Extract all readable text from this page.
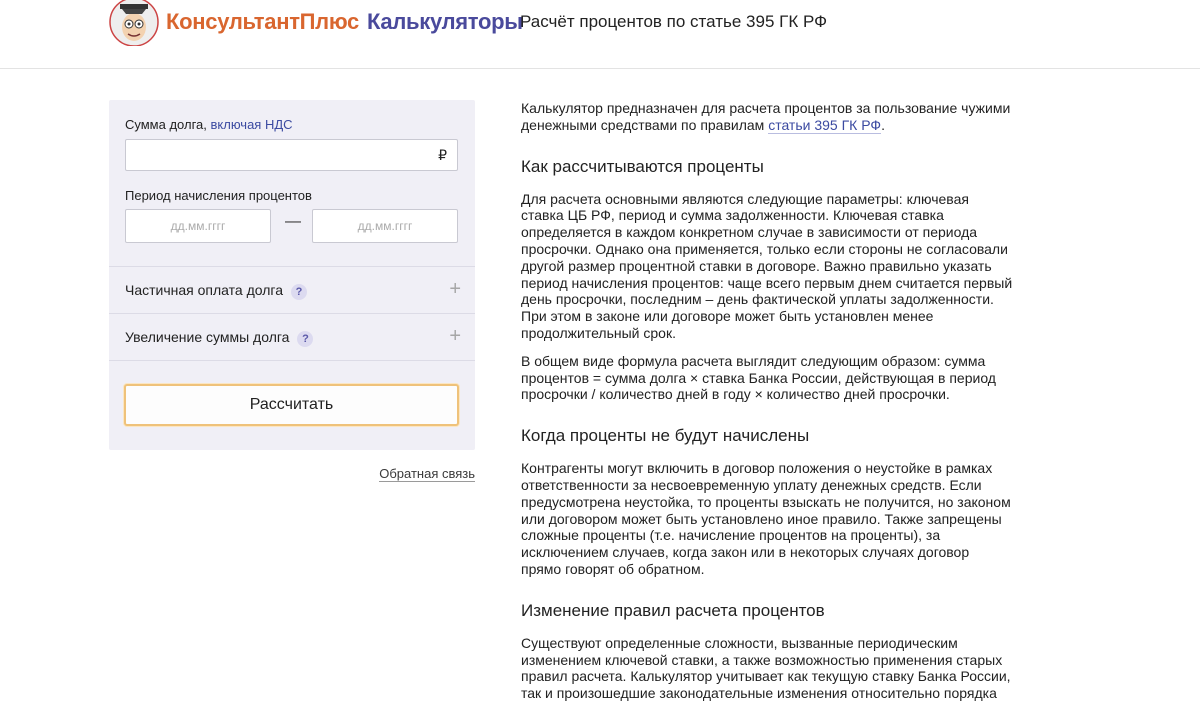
КонсультантПлюс Калькуляторы
Расчёт процентов по статье 395 ГК РФ
Сумма долга, включая НДС
₽
Период начисления процентов
дд.мм.гггг
—
дд.мм.гггг
Частичная оплата долга ?	+
Увеличение суммы долга ?	+
Рассчитать
Обратная связь

Калькулятор предназначен для расчета процентов за пользование чужими денежными средствами по правилам статьи 395 ГК РФ.

Как рассчитываются проценты

Для расчета основными являются следующие параметры: ключевая ставка ЦБ РФ, период и сумма задолженности. Ключевая ставка определяется в каждом конкретном случае в зависимости от периода просрочки. Однако она применяется, только если стороны не согласовали другой размер процентной ставки в договоре. Важно правильно указать период начисления процентов: чаще всего первым днем считается первый день просрочки, последним – день фактической уплаты задолженности. При этом в законе или договоре может быть установлен менее продолжительный срок.

В общем виде формула расчета выглядит следующим образом: сумма процентов = сумма долга × ставка Банка России, действующая в период просрочки / количество дней в году × количество дней просрочки.

Когда проценты не будут начислены

Контрагенты могут включить в договор положения о неустойке в рамках ответственности за несвоевременную уплату денежных средств. Если предусмотрена неустойка, то проценты взыскать не получится, но законом или договором может быть установлено иное правило. Также запрещены сложные проценты (т.е. начисление процентов на проценты), за исключением случаев, когда закон или в некоторых случаях договор прямо говорят об обратном.

Изменение правил расчета процентов

Существуют определенные сложности, вызванные периодическим изменением ключевой ставки, а также возможностью применения старых правил расчета. Калькулятор учитывает как текущую ставку Банка России, так и произошедшие законодательные изменения относительно порядка
